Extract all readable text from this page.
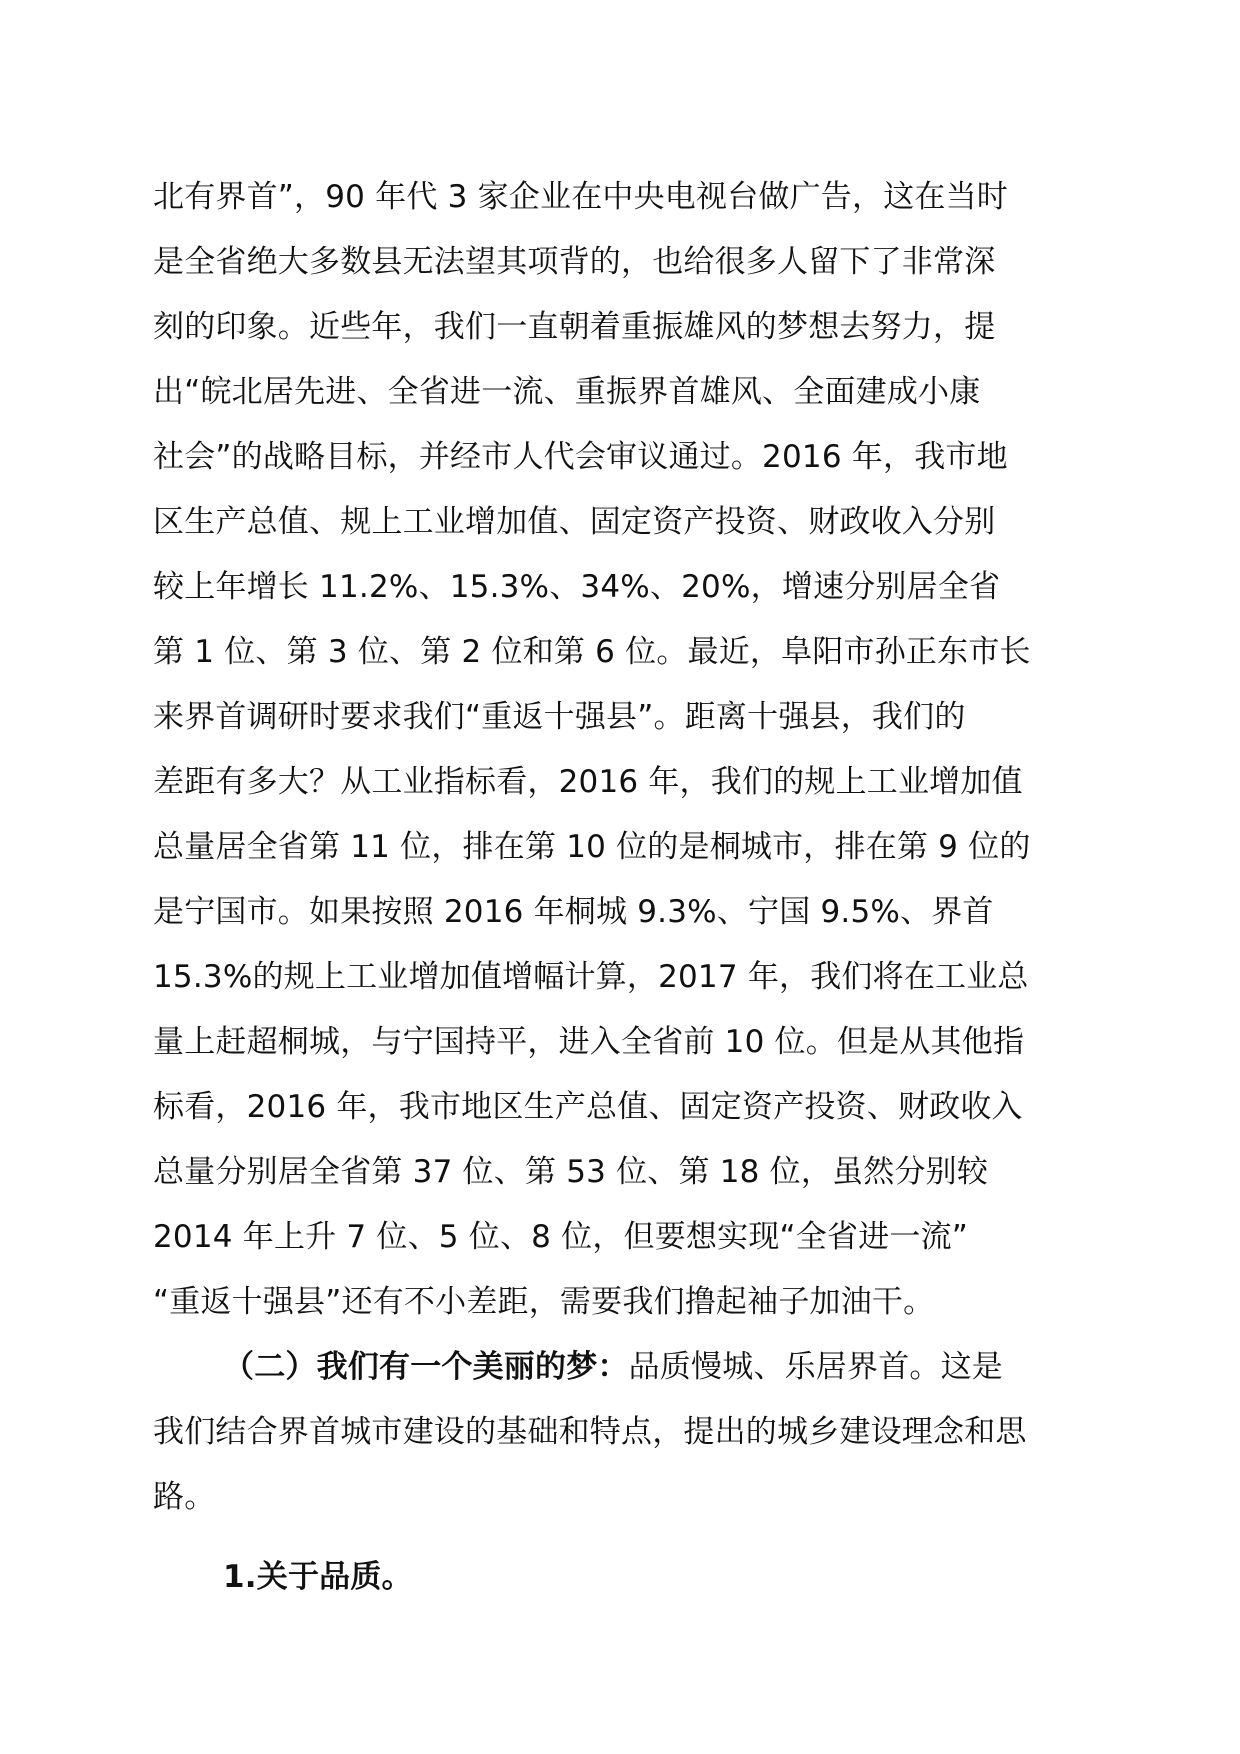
北有界首”，90 年代 3 家企业在中央电视台做广告，这在当时
是全省绝大多数县无法望其项背的，也给很多人留下了非常深
刻的印象。近些年，我们一直朝着重振雄风的梦想去努力，提
出“皖北居先进、全省进一流、重振界首雄风、全面建成小康
社会”的战略目标，并经市人代会审议通过。2016 年，我市地
区生产总值、规上工业增加值、固定资产投资、财政收入分别
较上年增长 11.2%、15.3%、34%、20%，增速分别居全省
第 1 位、第 3 位、第 2 位和第 6 位。最近，阜阳市孙正东市长
来界首调研时要求我们“重返十强县”。距离十强县，我们的
差距有多大？从工业指标看，2016 年，我们的规上工业增加值
总量居全省第 11 位，排在第 10 位的是桐城市，排在第 9 位的
是宁国市。如果按照 2016 年桐城 9.3%、宁国 9.5%、界首
15.3%的规上工业增加值增幅计算，2017 年，我们将在工业总
量上赶超桐城，与宁国持平，进入全省前 10 位。但是从其他指
标看，2016 年，我市地区生产总值、固定资产投资、财政收入
总量分别居全省第 37 位、第 53 位、第 18 位，虽然分别较
2014 年上升 7 位、5 位、8 位，但要想实现“全省进一流”
“重返十强县”还有不小差距，需要我们撸起袖子加油干。
（二）我们有一个美丽的梦：品质慢城、乐居界首。这是
我们结合界首城市建设的基础和特点，提出的城乡建设理念和思
路。
1.关于品质。
